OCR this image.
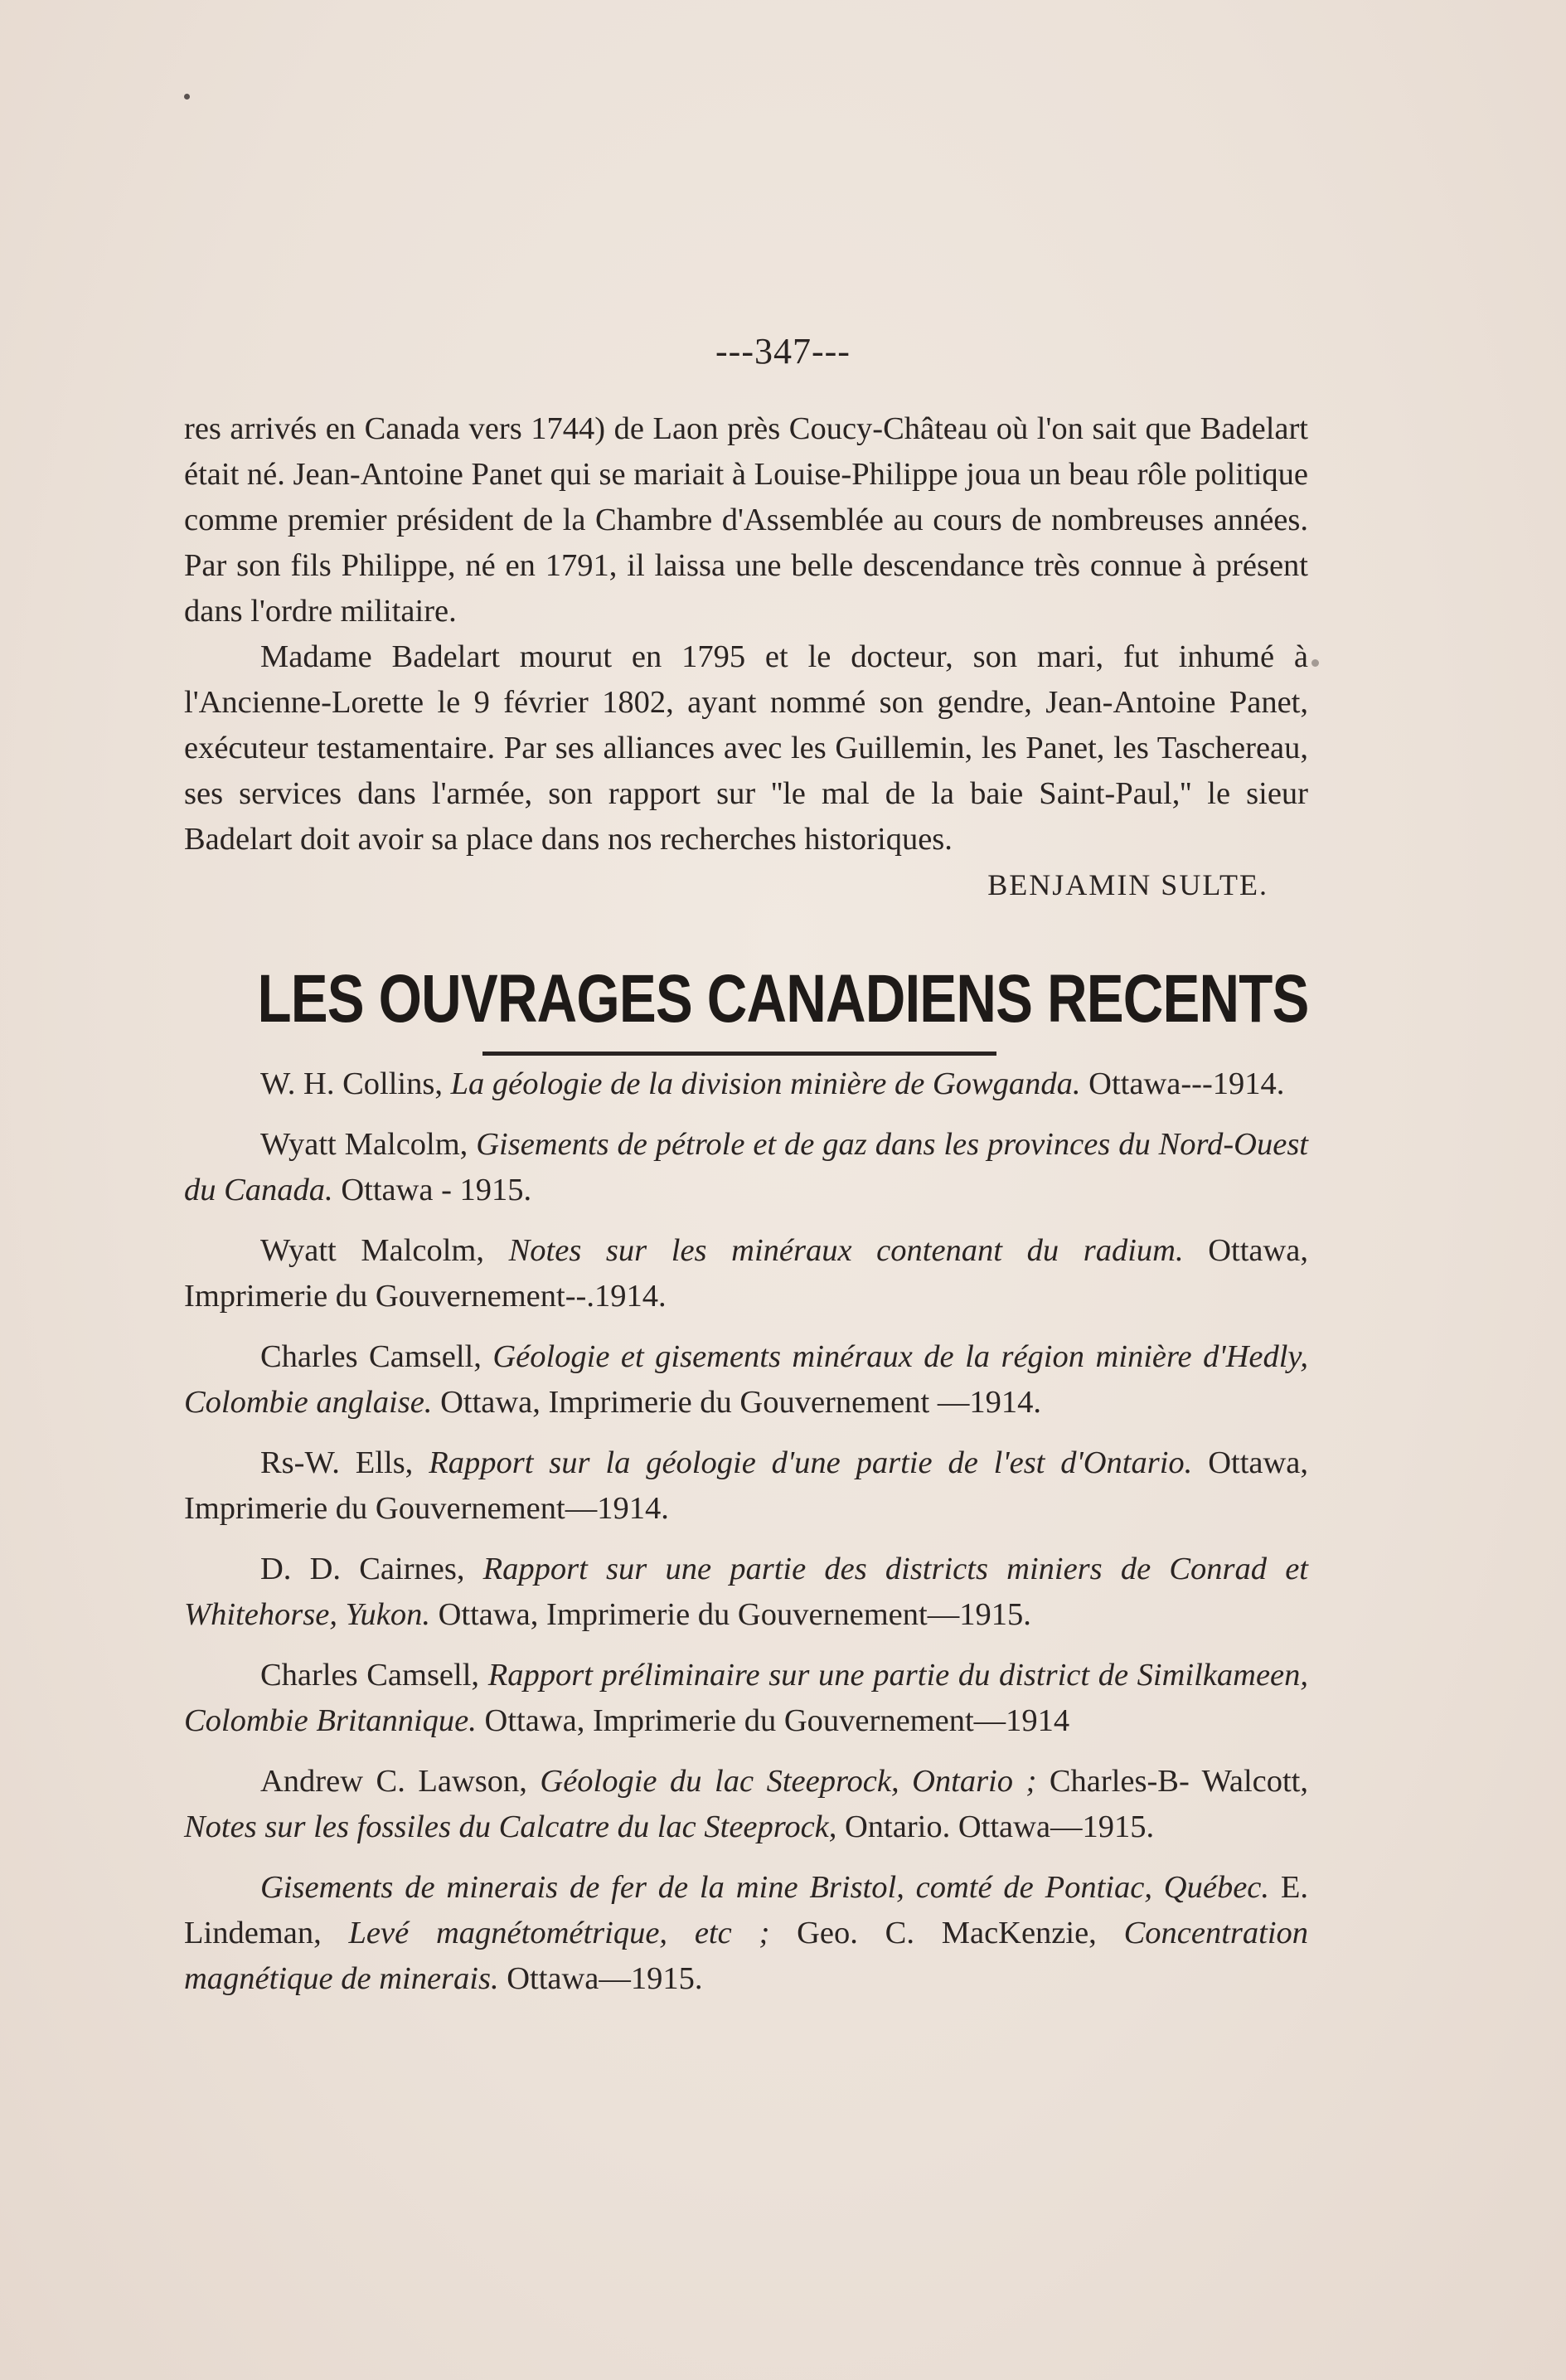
---347---

res arrivés en Canada vers 1744) de Laon près Coucy-Château où l'on sait que Badelart était né. Jean-Antoine Panet qui se mariait à Louise-Philippe joua un beau rôle politique comme premier président de la Chambre d'Assemblée au cours de nombreuses années. Par son fils Philippe, né en 1791, il laissa une belle descendance très connue à présent dans l'ordre militaire.

Madame Badelart mourut en 1795 et le docteur, son mari, fut inhumé à l'Ancienne-Lorette le 9 février 1802, ayant nommé son gendre, Jean-Antoine Panet, exécuteur testamentaire. Par ses alliances avec les Guillemin, les Panet, les Taschereau, ses services dans l'armée, son rapport sur ''le mal de la baie Saint-Paul,'' le sieur Badelart doit avoir sa place dans nos recherches historiques.

BENJAMIN SULTE.

LES OUVRAGES CANADIENS RECENTS

W. H. Collins, La géologie de la division minière de Gowganda. Ottawa---1914.

Wyatt Malcolm, Gisements de pétrole et de gaz dans les provinces du Nord-Ouest du Canada. Ottawa - 1915.

Wyatt Malcolm, Notes sur les minéraux contenant du radium. Ottawa, Imprimerie du Gouvernement--.1914.

Charles Camsell, Géologie et gisements minéraux de la région minière d'Hedly, Colombie anglaise. Ottawa, Imprimerie du Gouvernement —1914.

Rs-W. Ells, Rapport sur la géologie d'une partie de l'est d'Ontario. Ottawa, Imprimerie du Gouvernement—1914.

D. D. Cairnes, Rapport sur une partie des districts miniers de Conrad et Whitehorse, Yukon. Ottawa, Imprimerie du Gouvernement—1915.

Charles Camsell, Rapport préliminaire sur une partie du district de Similkameen, Colombie Britannique. Ottawa, Imprimerie du Gouvernement—1914

Andrew C. Lawson, Géologie du lac Steeprock, Ontario ; Charles-B- Walcott, Notes sur les fossiles du Calcatre du lac Steeprock, Ontario. Ottawa—1915.

Gisements de minerais de fer de la mine Bristol, comté de Pontiac, Québec. E. Lindeman, Levé magnétométrique, etc ; Geo. C. MacKenzie, Concentration magnétique de minerais. Ottawa—1915.
